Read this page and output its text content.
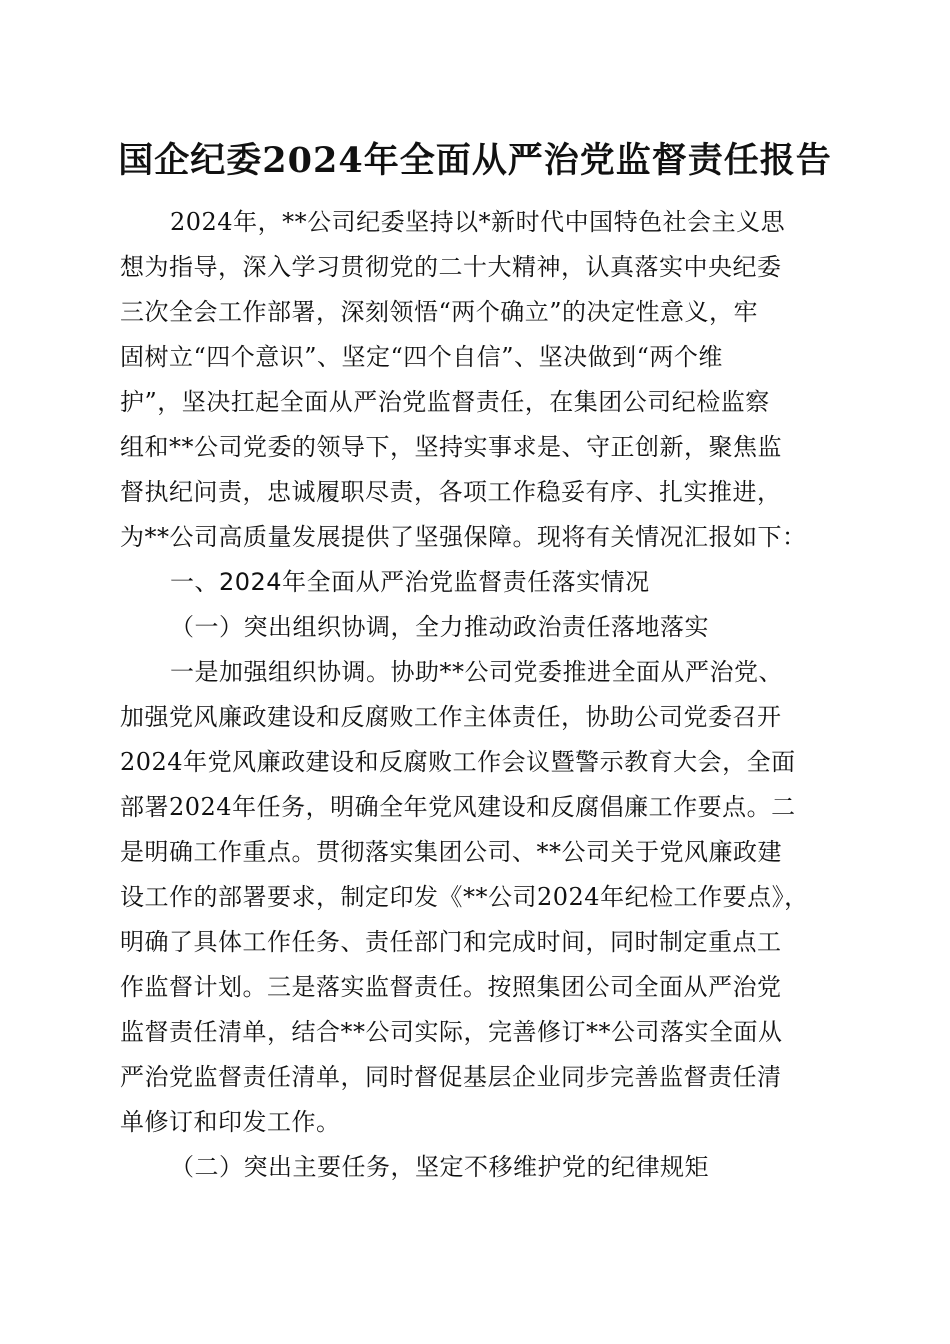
国企纪委2024年全面从严治党监督责任报告

2024年，**公司纪委坚持以*新时代中国特色社会主义思

想为指导，深入学习贯彻党的二十大精神，认真落实中央纪委

三次全会工作部署，深刻领悟“两个确立”的决定性意义，牢

固树立“四个意识”、坚定“四个自信”、坚决做到“两个维

护”，坚决扛起全面从严治党监督责任，在集团公司纪检监察

组和**公司党委的领导下，坚持实事求是、守正创新，聚焦监

督执纪问责，忠诚履职尽责，各项工作稳妥有序、扎实推进，

为**公司高质量发展提供了坚强保障。现将有关情况汇报如下：

一、2024年全面从严治党监督责任落实情况

（一）突出组织协调，全力推动政治责任落地落实

一是加强组织协调。协助**公司党委推进全面从严治党、

加强党风廉政建设和反腐败工作主体责任，协助公司党委召开

2024年党风廉政建设和反腐败工作会议暨警示教育大会，全面

部署2024年任务，明确全年党风建设和反腐倡廉工作要点。二

是明确工作重点。贯彻落实集团公司、**公司关于党风廉政建

设工作的部署要求，制定印发《**公司2024年纪检工作要点》，

明确了具体工作任务、责任部门和完成时间，同时制定重点工

作监督计划。三是落实监督责任。按照集团公司全面从严治党

监督责任清单，结合**公司实际，完善修订**公司落实全面从

严治党监督责任清单，同时督促基层企业同步完善监督责任清

单修订和印发工作。

（二）突出主要任务，坚定不移维护党的纪律规矩
